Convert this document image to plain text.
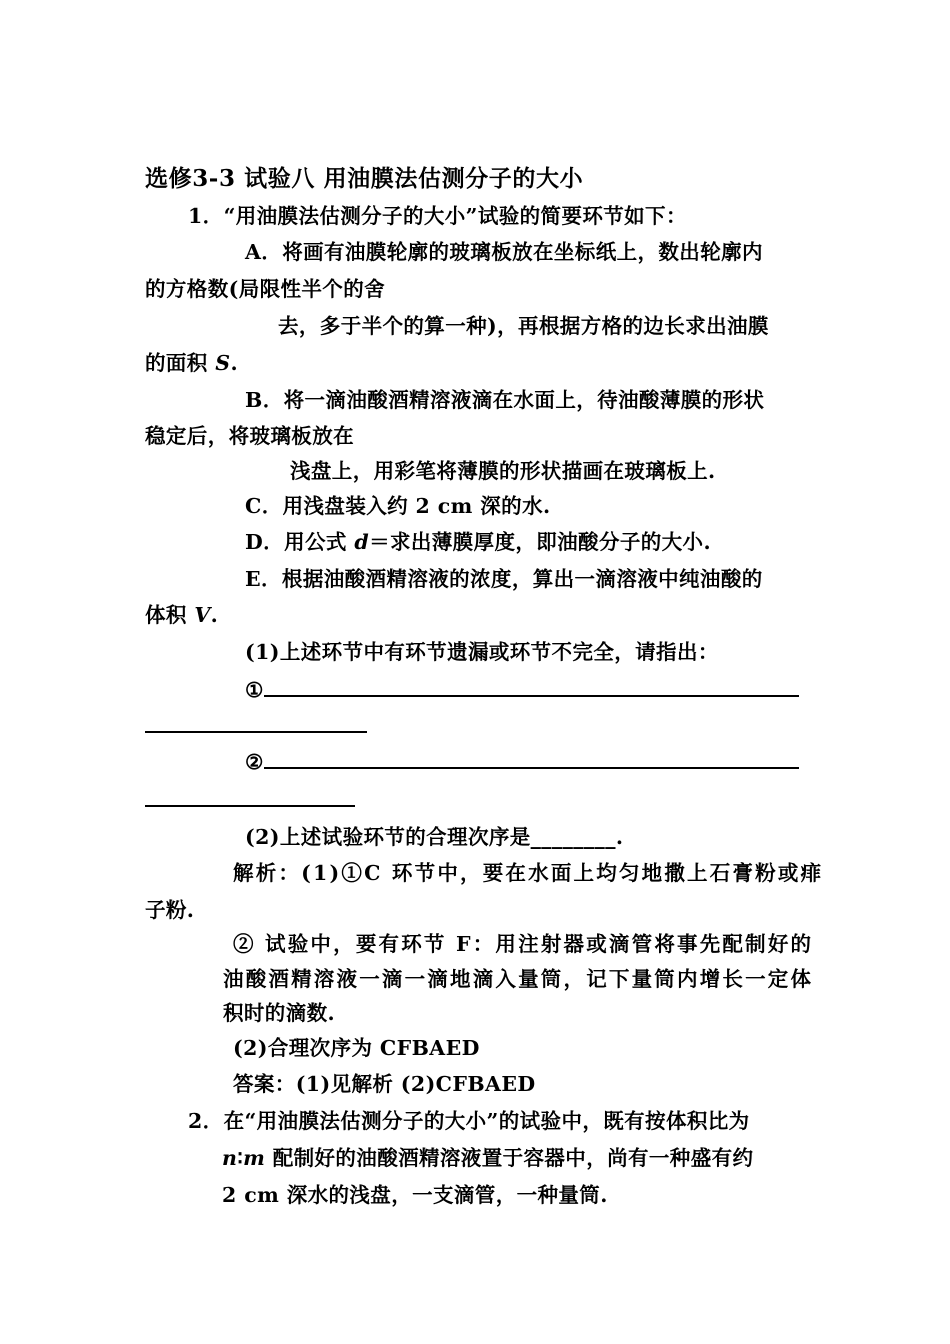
选修3-3 试验八 用油膜法估测分子的大小
1．“用油膜法估测分子的大小”试验的简要环节如下：
A．将画有油膜轮廓的玻璃板放在坐标纸上，数出轮廓内
的方格数(局限性半个的舍
去，多于半个的算一种)，再根据方格的边长求出油膜
的面积 S.
B．将一滴油酸酒精溶液滴在水面上，待油酸薄膜的形状
稳定后，将玻璃板放在
浅盘上，用彩笔将薄膜的形状描画在玻璃板上.
C．用浅盘装入约 2 cm 深的水.
D．用公式 d＝求出薄膜厚度，即油酸分子的大小.
E．根据油酸酒精溶液的浓度，算出一滴溶液中纯油酸的
体积 V.
(1)上述环节中有环节遗漏或环节不完全，请指出：
①
②
(2)上述试验环节的合理次序是________.
解析：(1)①C 环节中，要在水面上均匀地撒上石膏粉或痱
子粉.
② 试验中，要有环节 F：用注射器或滴管将事先配制好的
油酸酒精溶液一滴一滴地滴入量筒，记下量筒内增长一定体
积时的滴数.
(2)合理次序为 CFBAED
答案：(1)见解析 (2)CFBAED
2．在“用油膜法估测分子的大小”的试验中，既有按体积比为
n∶m 配制好的油酸酒精溶液置于容器中，尚有一种盛有约
2 cm 深水的浅盘，一支滴管，一种量筒.
